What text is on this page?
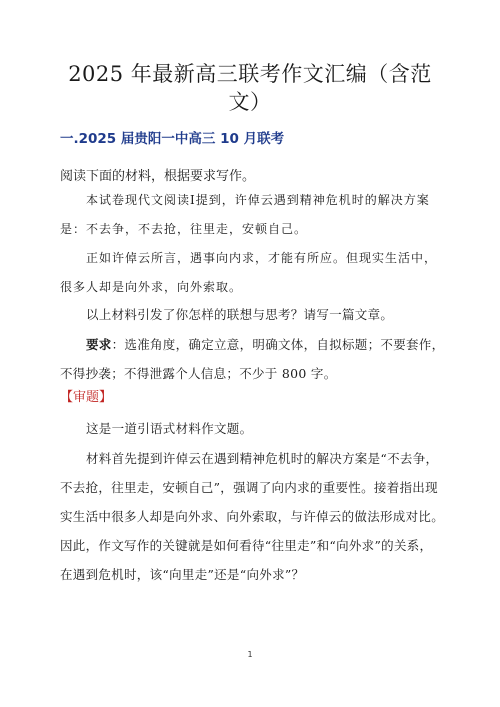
2025 年最新高三联考作文汇编（含范
文）
一.2025 届贵阳一中高三 10 月联考
阅读下面的材料，根据要求写作。
本试卷现代文阅读Ⅰ提到，许倬云遇到精神危机时的解决方案是：不去争，不去抢，往里走，安顿自己。
正如许倬云所言，遇事向内求，才能有所应。但现实生活中，很多人却是向外求，向外索取。
以上材料引发了你怎样的联想与思考？请写一篇文章。
要求：选准角度，确定立意，明确文体，自拟标题；不要套作，不得抄袭；不得泄露个人信息；不少于 800 字。
【审题】
这是一道引语式材料作文题。
材料首先提到许倬云在遇到精神危机时的解决方案是“不去争，不去抢，往里走，安顿自己”，强调了向内求的重要性。接着指出现实生活中很多人却是向外求、向外索取，与许倬云的做法形成对比。因此，作文写作的关键就是如何看待“往里走”和“向外求”的关系，在遇到危机时，该“向里走”还是“向外求”？
1
